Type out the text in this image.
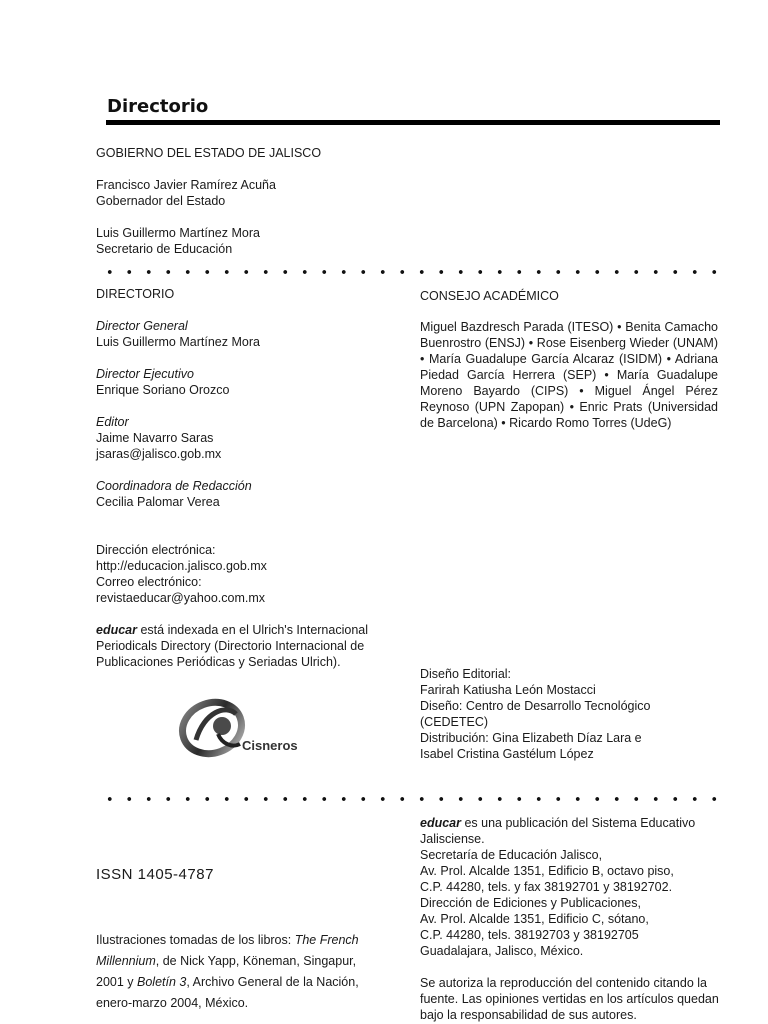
Directorio

GOBIERNO DEL ESTADO DE JALISCO

Francisco Javier Ramírez Acuña

Gobernador del Estado

Luis Guillermo Martínez Mora

Secretario de Educación

DIRECTORIO

Director General

Luis Guillermo Martínez Mora

Director Ejecutivo

Enrique Soriano Orozco

Editor

Jaime Navarro Saras

jsaras@jalisco.gob.mx

Coordinadora de Redacción

Cecilia Palomar Verea

Dirección electrónica:

http://educacion.jalisco.gob.mx

Correo electrónico:

revistaeducar@yahoo.com.mx

educar está indexada en el Ulrich's Internacional Periodicals Directory (Directorio Internacional de Publicaciones Periódicas y Seriadas Ulrich).

Cisneros

CONSEJO ACADÉMICO

Miguel Bazdresch Parada (ITESO) • Benita Camacho Buenrostro (ENSJ) • Rose Eisenberg Wieder (UNAM) • María Guadalupe García Alcaraz (ISIDM) • Adriana Piedad García Herrera (SEP) • María Guadalupe Moreno Bayardo (CIPS) • Miguel Ángel Pérez Reynoso (UPN Zapopan) • Enric Prats (Universidad de Barcelona) • Ricardo Romo Torres (UdeG)

Diseño Editorial:

Farirah Katiusha León Mostacci

Diseño: Centro de Desarrollo Tecnológico

(CEDETEC)

Distribución: Gina Elizabeth Díaz Lara e

Isabel Cristina Gastélum López

ISSN 1405-4787
Ilustraciones tomadas de los libros: The French Millennium, de Nick Yapp, Köneman, Singapur, 2001 y Boletín 3, Archivo General de la Nación, enero-marzo 2004, México.

educar es una publicación del Sistema Educativo Jalisciense.

Secretaría de Educación Jalisco,

Av. Prol. Alcalde 1351, Edificio B, octavo piso,

C.P. 44280, tels. y fax 38192701 y 38192702.

Dirección de Ediciones y Publicaciones,

Av. Prol. Alcalde 1351, Edificio C, sótano,

C.P. 44280, tels. 38192703 y 38192705

Guadalajara, Jalisco, México.

Se autoriza la reproducción del contenido citando la fuente. Las opiniones vertidas en los artículos quedan bajo la responsabilidad de sus autores.
